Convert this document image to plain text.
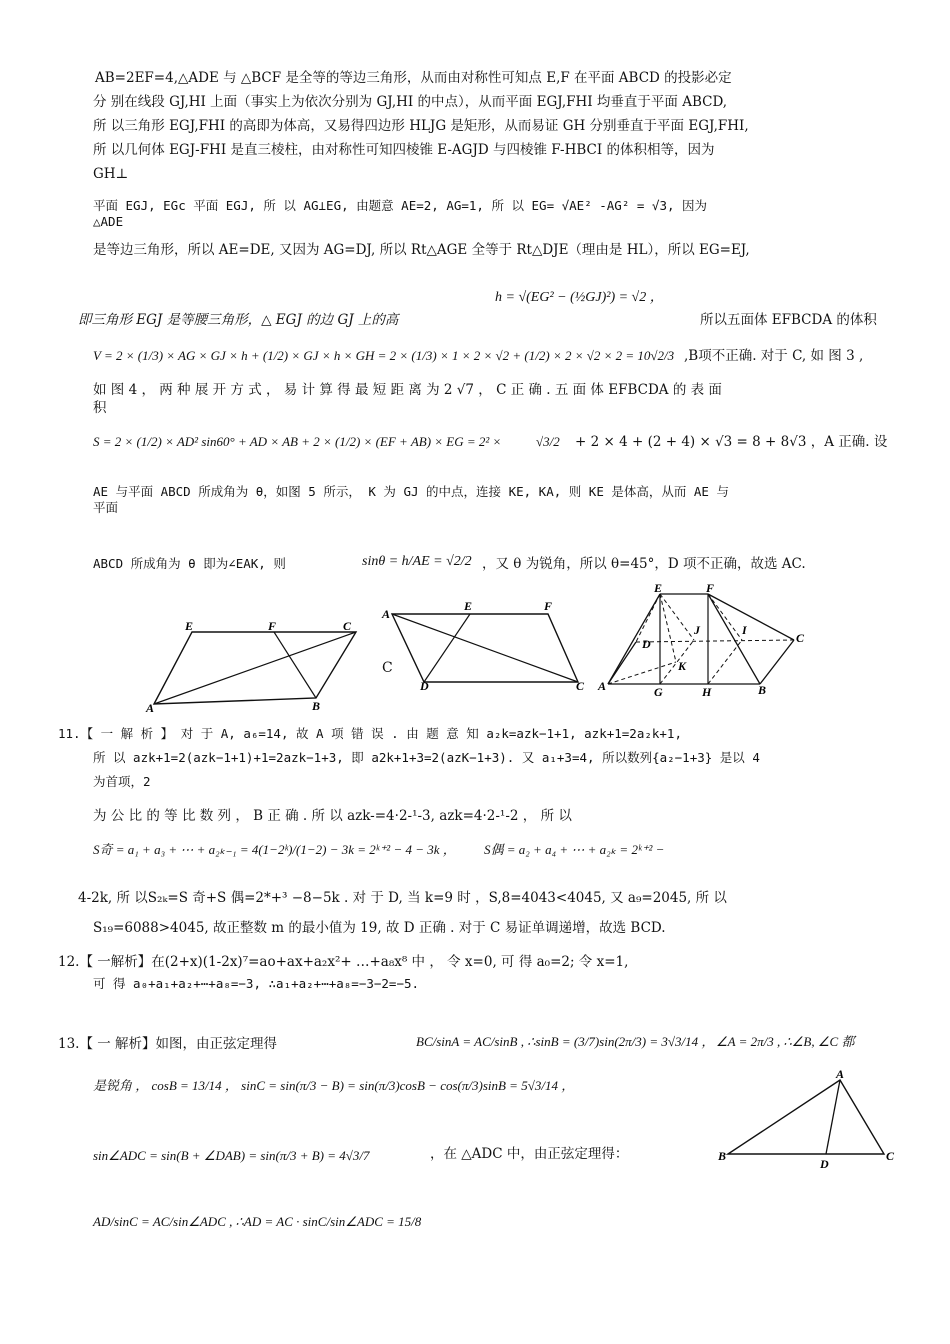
AB=2EF=4,△ADE 与 △BCF 是全等的等边三角形，从而由对称性可知点 E,F 在平面 ABCD 的投影必定
分 别在线段 GJ,HI 上面（事实上为依次分别为 GJ,HI 的中点），从而平面 EGJ,FHI 均垂直于平面 ABCD,
所 以三角形 EGJ,FHI 的高即为体高，又易得四边形 HLJG 是矩形，从而易证 GH 分别垂直于平面 EGJ,FHI,
所 以几何体 EGJ-FHI 是直三棱柱，由对称性可知四棱锥 E-AGJD 与四棱锥 F-HBCI 的体积相等，因为
GH⊥
平面 EGJ, EGc 平面 EGJ, 所 以 AG⊥EG, 由题意 AE=2, AG=1, 所 以 EG= √AE² -AG² = √3, 因为
△ADE
是等边三角形，所以 AE=DE, 又因为 AG=DJ, 所以 Rt△AGE 全等于 Rt△DJE（理由是 HL），所以 EG=EJ,
即三角形 EGJ 是等腰三角形，△ EGJ 的边 GJ 上的高
h = √(EG² − (½GJ)²) = √2 ，
所以五面体 EFBCDA 的体积
V = 2 × (1/3) × AG × GJ × h + (1/2) × GJ × h × GH = 2 × (1/3) × 1 × 2 × √2 + (1/2) × 2 × √2 × 2 = 10√2/3 ,B项不正确. 对于 C, 如 图 3 ,
如 图 4 ， 两 种 展 开 方 式 ， 易 计 算 得 最 短 距 离 为 2 √7 ， C 正 确 . 五 面 体 EFBCDA 的 表 面
积
S = 2 × (1/2) × AD² sin60° + AD × AB + 2 × (1/2) × (EF + AB) × EG = 2² ×	√3/2 + 2 × 4 + (2 + 4) × √3 = 8 + 8√3 ，A 正确. 设
AE 与平面 ABCD 所成角为 θ，如图 5 所示， K 为 GJ 的中点，连接 KE, KA, 则 KE 是体高，从而 AE 与
平面
ABCD 所成角为 θ 即为∠EAK, 则	sinθ = h/AE = √2/2 ，又 θ 为锐角，所以 θ=45°，D 项不正确，故选 AC.
E	F	C
A	B
C
A
E	F
D	C
E	F
D
J	I
C
K
A	G	H	B
11.【 一 解 析 】 对 于 A, a₆=14, 故 A 项 错 误 . 由 题 意 知 a₂k=azk−1+1, azk+1=2a₂k+1,
所 以 azk+1=2(azk−1+1)+1=2azk−1+3, 即 a2k+1+3=2(azK−1+3). 又 a₁+3=4, 所以数列{a₂−1+3} 是以 4
为首项，2
为 公 比 的 等 比 数 列 ， B 正 确 . 所 以 azk-=4·2-¹-3, azk=4·2-¹-2 ， 所 以
S奇 = a₁ + a₃ + ⋯ + a₂ₖ₋₁ = 4(1−2ᵏ)/(1−2) − 3k = 2ᵏ⁺² − 4 − 3k ， S偶 = a₂ + a₄ + ⋯ + a₂ₖ = 2ᵏ⁺² −
4-2k, 所 以S₂ₖ=S 奇+S 偶=2*+³ −8−5k . 对 于 D, 当 k=9 时 ，S,8=4043<4045, 又 a₉=2045, 所 以
S₁₉=6088>4045, 故正整数 m 的最小值为 19, 故 D 正确 . 对于 C 易证单调递增，故选 BCD.
12.【 一解析】在(2+x)(1-2x)⁷=ao+ax+a₂x²+ …+a₈x⁸ 中 ， 令 x=0, 可 得 a₀=2; 令 x=1,
可 得 a₀+a₁+a₂+⋯+a₈=−3, ∴a₁+a₂+⋯+a₈=−3−2=−5.
13.【 一 解析】如图，由正弦定理得	BC/sinA = AC/sinB , ∴sinB = (3/7)sin(2π/3) = 3√3/14 ， ∠A = 2π/3 , ∴∠B, ∠C 都
是锐角 ， cosB = 13/14 ， sinC = sin(π/3 − B) = sin(π/3)cosB − cos(π/3)sinB = 5√3/14 ，
sin∠ADC = sin(B + ∠DAB) = sin(π/3 + B) = 4√3/7	，在 △ADC 中，由正弦定理得：
AD/sinC = AC/sin∠ADC , ∴AD = AC · sinC/sin∠ADC = 15/8
A
B
D
C
